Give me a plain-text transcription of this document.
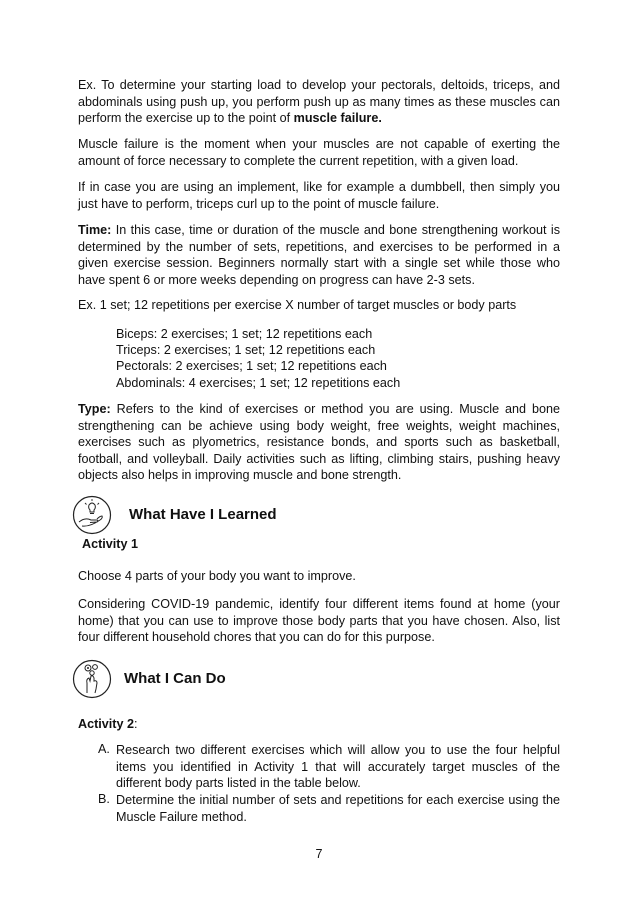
Ex. To determine your starting load to develop your pectorals, deltoids, triceps, and abdominals using push up, you perform push up as many times as these muscles can perform the exercise up to the point of muscle failure.

Muscle failure is the moment when your muscles are not capable of exerting the amount of force necessary to complete the current repetition, with a given load.

If in case you are using an implement, like for example a dumbbell, then simply you just have to perform, triceps curl up to the point of muscle failure.

Time: In this case, time or duration of the muscle and bone strengthening workout is determined by the number of sets, repetitions, and exercises to be performed in a given exercise session. Beginners normally start with a single set while those who have spent 6 or more weeks depending on progress can have 2-3 sets.

Ex. 1 set; 12 repetitions per exercise X number of target muscles or body parts

Biceps: 2 exercises; 1 set; 12 repetitions each
Triceps: 2 exercises; 1 set; 12 repetitions each
Pectorals: 2 exercises; 1 set; 12 repetitions each
Abdominals: 4 exercises; 1 set; 12 repetitions each

Type: Refers to the kind of exercises or method you are using. Muscle and bone strengthening can be achieve using body weight, free weights, weight machines, exercises such as plyometrics, resistance bonds, and sports such as basketball, football, and volleyball. Daily activities such as lifting, climbing stairs, pushing heavy objects also helps in improving muscle and bone strength.

What Have I Learned
Activity 1

Choose 4 parts of your body you want to improve.

Considering COVID-19 pandemic, identify four different items found at home (your home) that you can use to improve those body parts that you have chosen. Also, list four different household chores that you can do for this purpose.

What I Can Do
Activity 2:
A. Research two different exercises which will allow you to use the four helpful items you identified in Activity 1 that will accurately target muscles of the different body parts listed in the table below.
B. Determine the initial number of sets and repetitions for each exercise using the Muscle Failure method.
7
